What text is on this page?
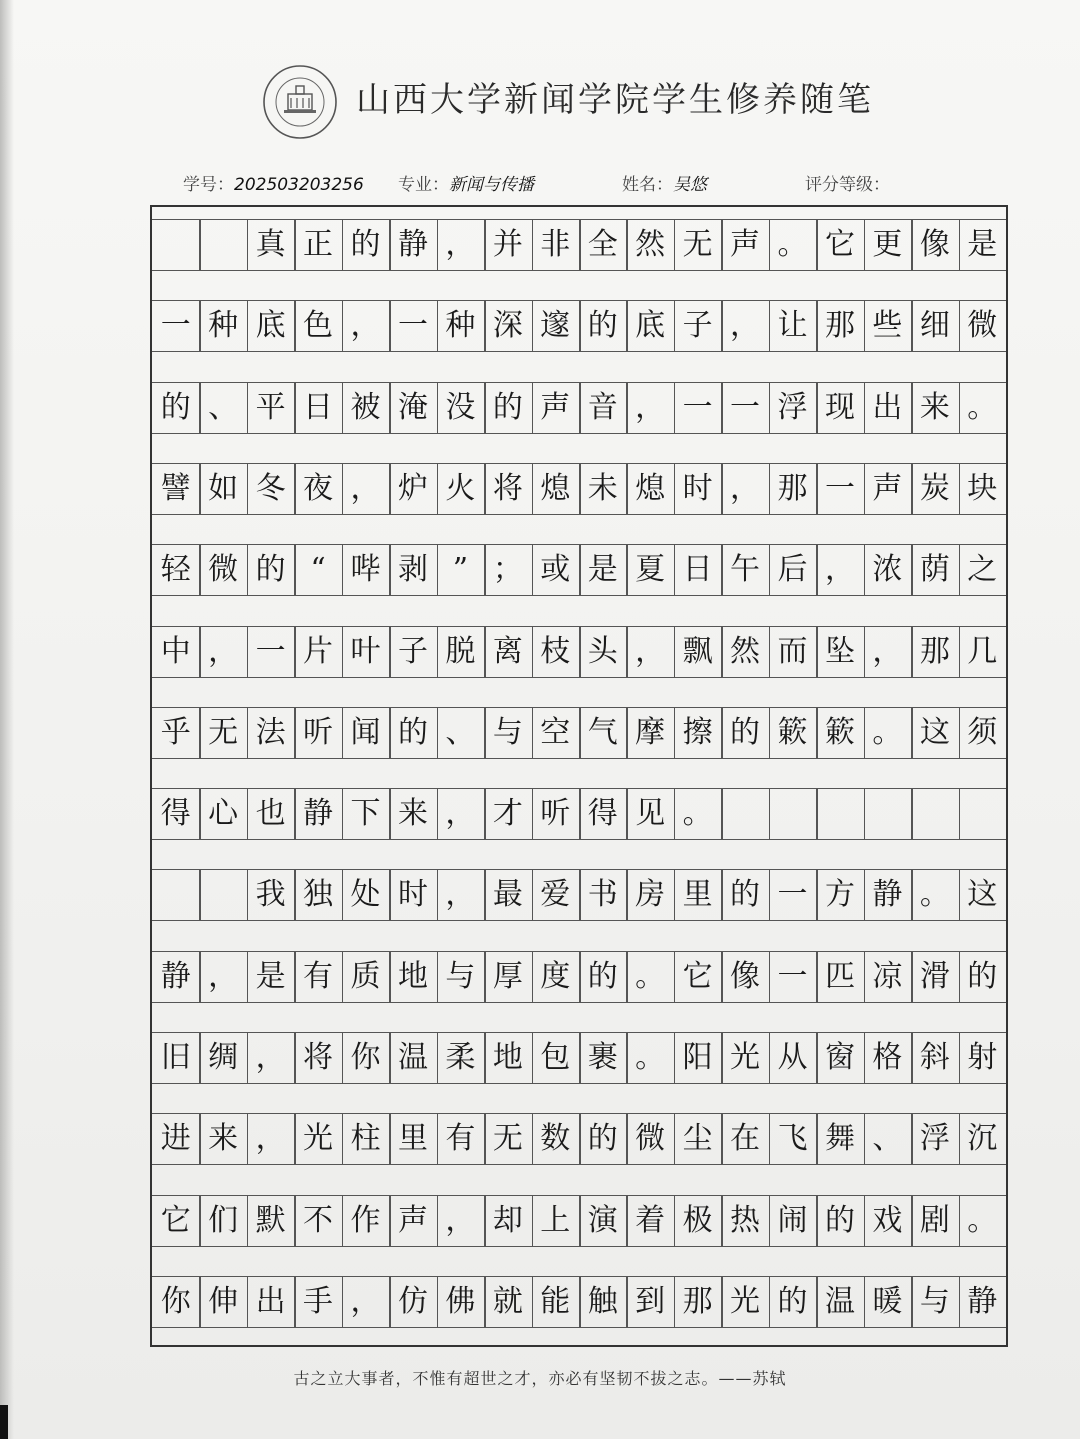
山西大学新闻学院学生修养随笔
学号：202503203256 专业：新闻与传播	姓名：吴悠	评分等级：
真 正 的 静 ， 并 非 全 然 无 声 。 它 更 像 是
一 种 底 色 ， 一 种 深 邃 的 底 子 ， 让 那 些 细 微
的 、 平 日 被 淹 没 的 声 音 ， 一 一 浮 现 出 来 。
譬 如 冬 夜 ， 炉 火 将 熄 未 熄 时 ， 那 一 声 炭 块
轻 微 的 “ 哔 剥 ” ； 或 是 夏 日 午 后 ， 浓 荫 之
中 ， 一 片 叶 子 脱 离 枝 头 ， 飘 然 而 坠 ， 那 几
乎 无 法 听 闻 的 、 与 空 气 摩 擦 的 簌 簌 。 这 须
得 心 也 静 下 来 ， 才 听 得 见 。
我 独 处 时 ， 最 爱 书 房 里 的 一 方 静 。 这
静 ， 是 有 质 地 与 厚 度 的 。 它 像 一 匹 凉 滑 的
旧 绸 ， 将 你 温 柔 地 包 裹 。 阳 光 从 窗 格 斜 射
进 来 ， 光 柱 里 有 无 数 的 微 尘 在 飞 舞 、 浮 沉
它 们 默 不 作 声 ， 却 上 演 着 极 热 闹 的 戏 剧 。
你 伸 出 手 ， 仿 佛 就 能 触 到 那 光 的 温 暖 与 静
古之立大事者，不惟有超世之才，亦必有坚韧不拔之志。——苏轼
